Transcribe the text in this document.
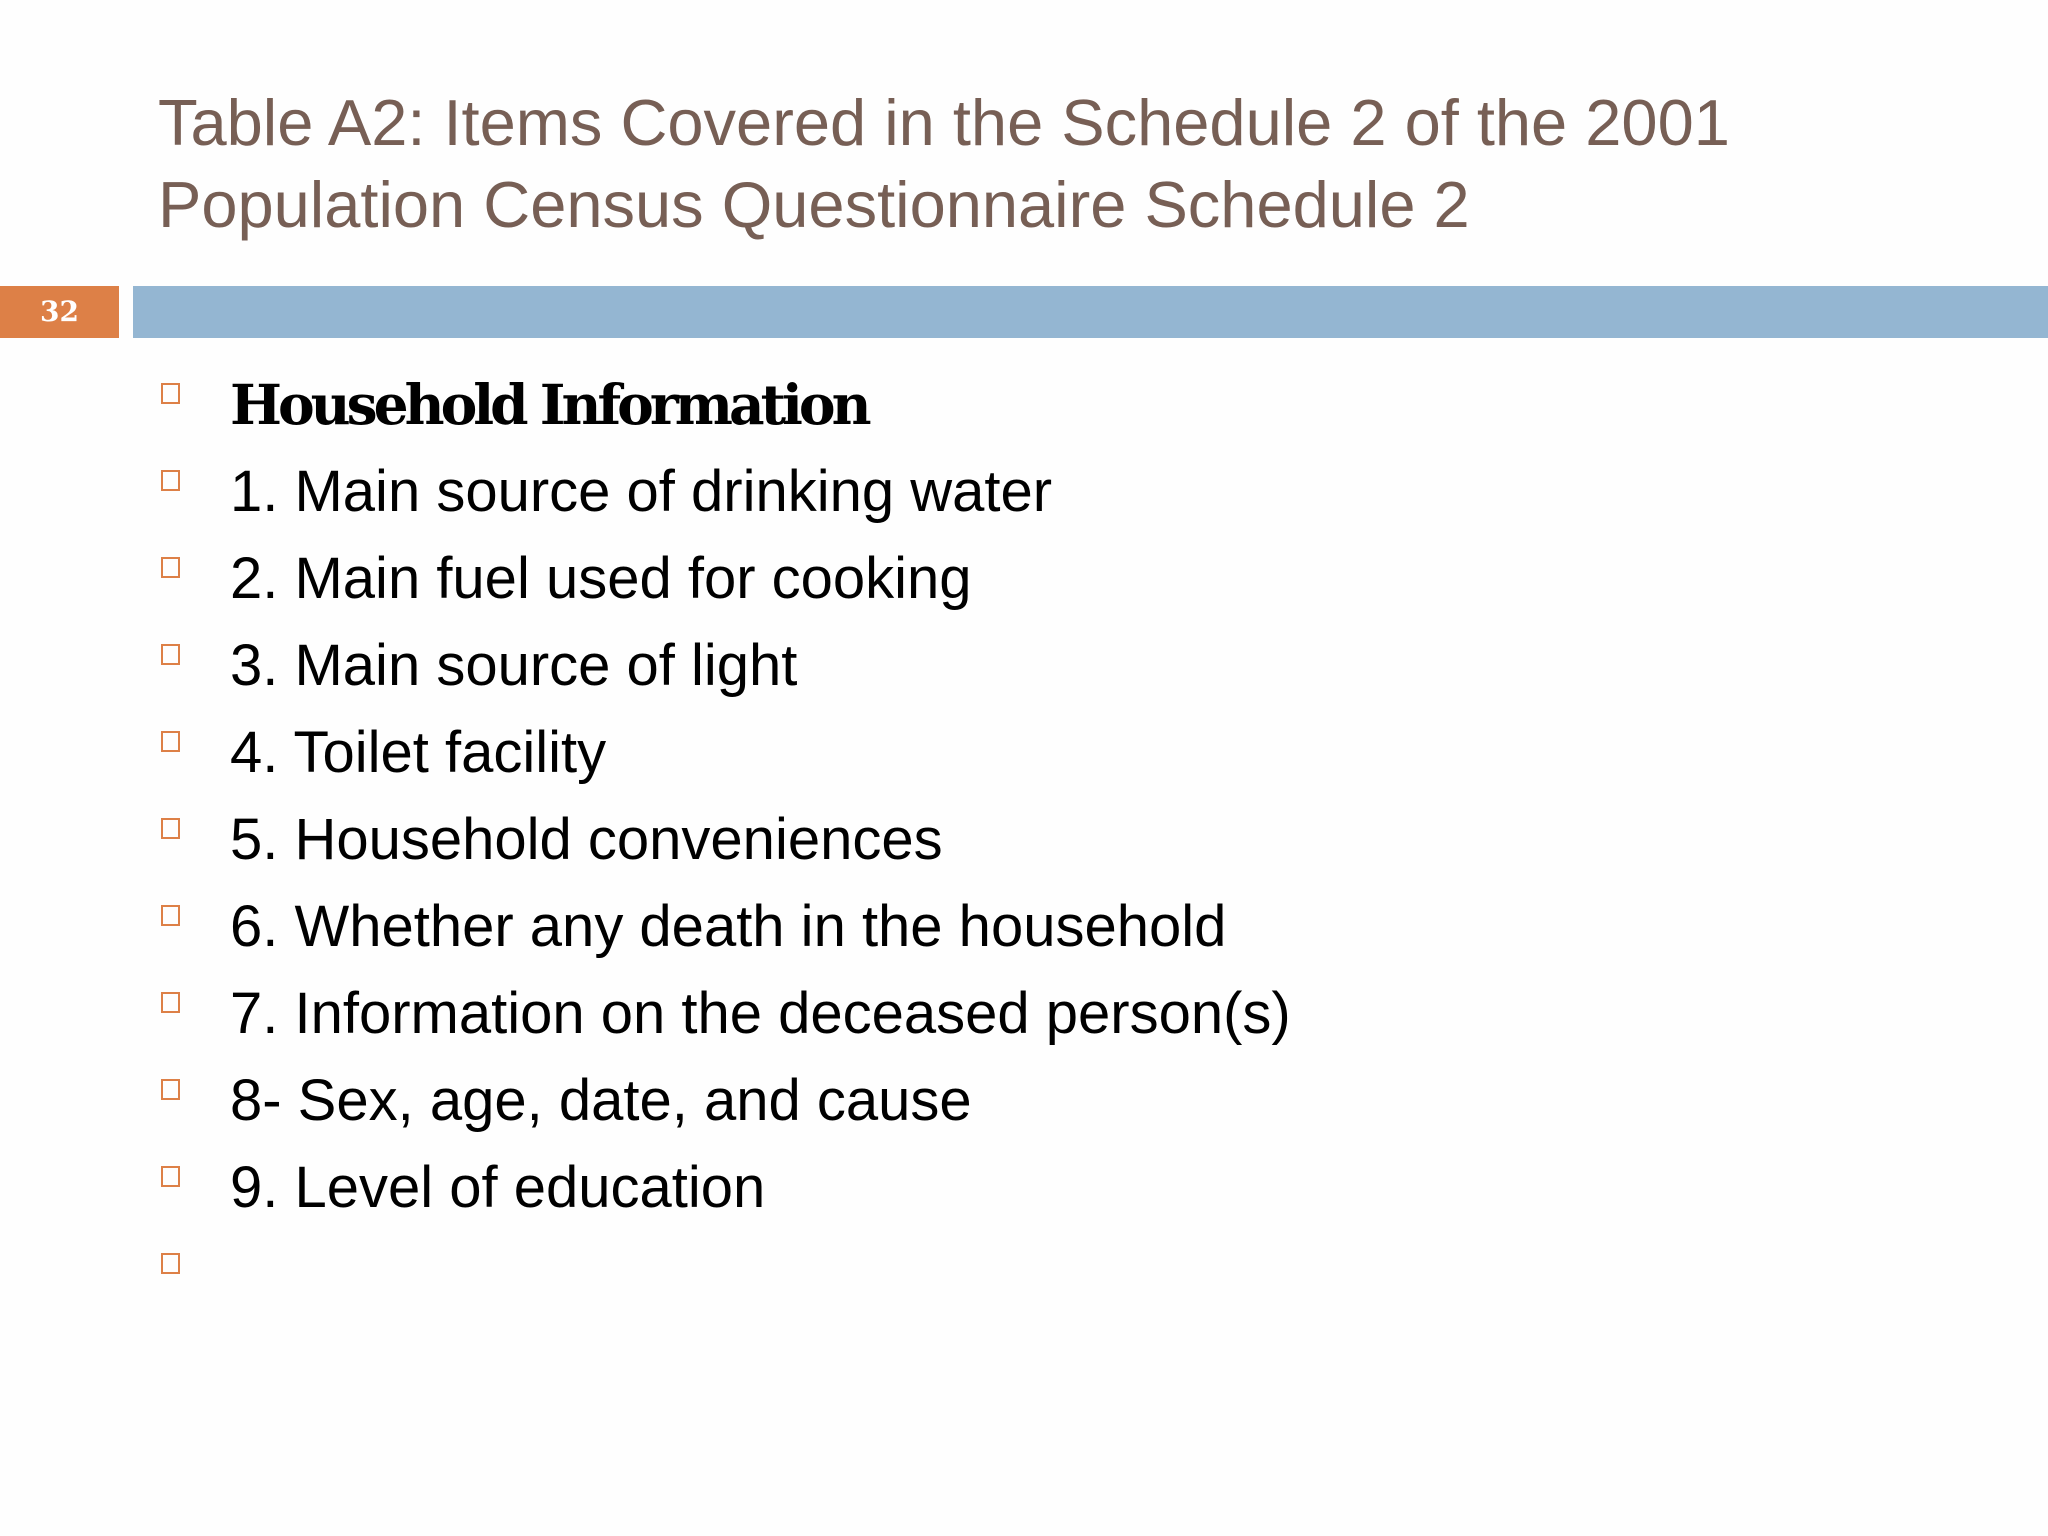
Table A2: Items Covered in the Schedule 2 of the 2001 Population Census Questionnaire Schedule 2
32
Household Information
1. Main source of drinking water
2. Main fuel used for cooking
3. Main source of light
4. Toilet facility
5. Household conveniences
6. Whether any death in the household
7. Information on the deceased person(s)
8- Sex, age, date, and cause
9. Level of education
